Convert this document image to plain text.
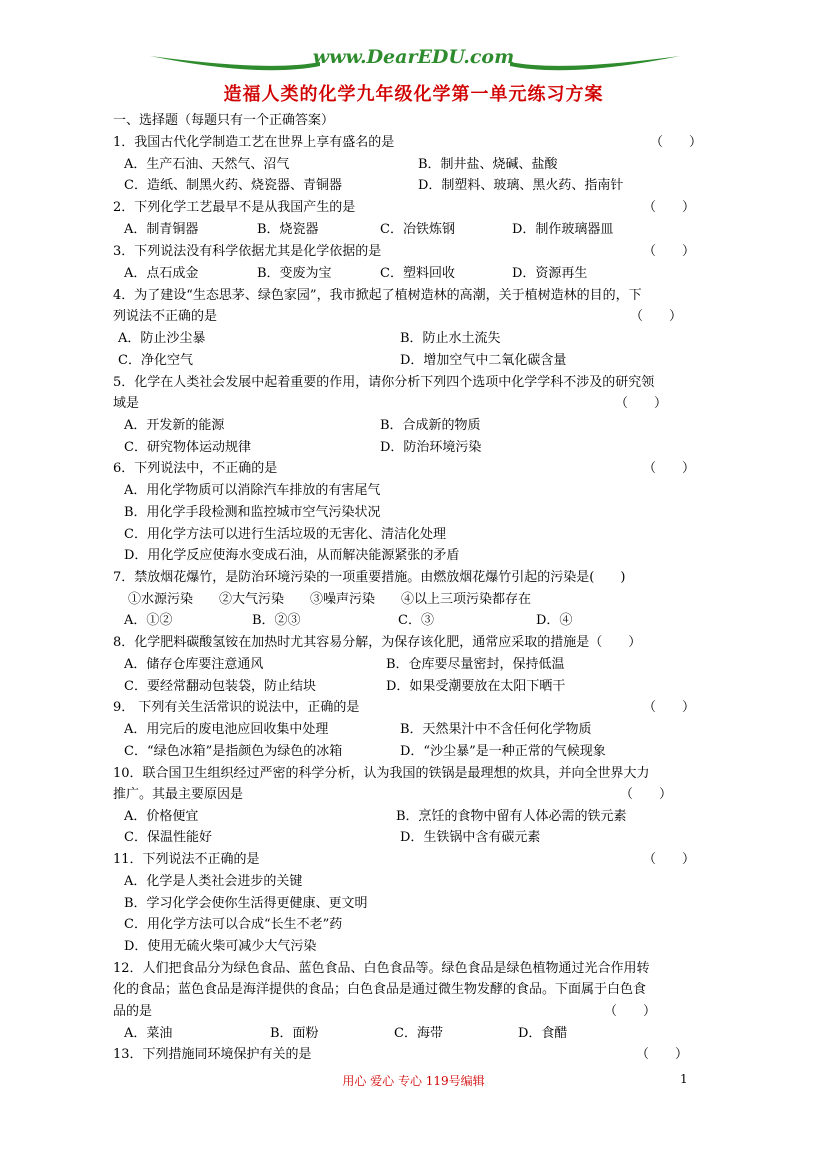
www.DearEDU.com
造福人类的化学九年级化学第一单元练习方案
一、选择题（每题只有一个正确答案）
1．我国古代化学制造工艺在世界上享有盛名的是	（　　）
A．生产石油、天然气、沼气	B．制井盐、烧碱、盐酸
C．造纸、制黑火药、烧瓷器、青铜器	D．制塑料、玻璃、黑火药、指南针
2．下列化学工艺最早不是从我国产生的是	（　　）
A．制青铜器	B．烧瓷器	C．冶铁炼钢	D．制作玻璃器皿
3．下列说法没有科学依据尤其是化学依据的是	（　　）
A．点石成金	B．变废为宝	C．塑料回收	D．资源再生
4．为了建设“生态思茅、绿色家园”，我市掀起了植树造林的高潮，关于植树造林的目的，下
列说法不正确的是	（　　）
A．防止沙尘暴	B．防止水土流失
C．净化空气	D．增加空气中二氧化碳含量
5．化学在人类社会发展中起着重要的作用，请你分析下列四个选项中化学学科不涉及的研究领
域是	（　　）
A．开发新的能源	B．合成新的物质
C．研究物体运动规律	D．防治环境污染
6．下列说法中，不正确的是	（　　）
A．用化学物质可以消除汽车排放的有害尾气
B．用化学手段检测和监控城市空气污染状况
C．用化学方法可以进行生活垃圾的无害化、清洁化处理
D．用化学反应使海水变成石油，从而解决能源紧张的矛盾
7．禁放烟花爆竹，是防治环境污染的一项重要措施。由燃放烟花爆竹引起的污染是(　　)
①水源污染　　②大气污染　　③噪声污染　　④以上三项污染都存在
A．①②	B．②③	C．③	D．④
8．化学肥料碳酸氢铵在加热时尤其容易分解，为保存该化肥，通常应采取的措施是（　　）
A．储存仓库要注意通风	B．仓库要尽量密封，保持低温
C．要经常翻动包装袋，防止结块	D．如果受潮要放在太阳下晒干
9． 下列有关生活常识的说法中，正确的是	（　　）
A．用完后的废电池应回收集中处理	B．天然果汁中不含任何化学物质
C．“绿色冰箱”是指颜色为绿色的冰箱	D．“沙尘暴”是一种正常的气候现象
10．联合国卫生组织经过严密的科学分析，认为我国的铁锅是最理想的炊具，并向全世界大力
推广。其最主要原因是	（　　）
A．价格便宜	B．烹饪的食物中留有人体必需的铁元素
C．保温性能好	D．生铁锅中含有碳元素
11．下列说法不正确的是	（　　）
A．化学是人类社会进步的关键
B．学习化学会使你生活得更健康、更文明
C．用化学方法可以合成“长生不老”药
D．使用无硫火柴可减少大气污染
12．人们把食品分为绿色食品、蓝色食品、白色食品等。绿色食品是绿色植物通过光合作用转
化的食品；蓝色食品是海洋提供的食品；白色食品是通过微生物发酵的食品。下面属于白色食
品的是	（　　）
A．菜油	B．面粉	C．海带	D．食醋
13．下列措施同环境保护有关的是	（　　）
用心 爱心 专心 119号编辑	1
